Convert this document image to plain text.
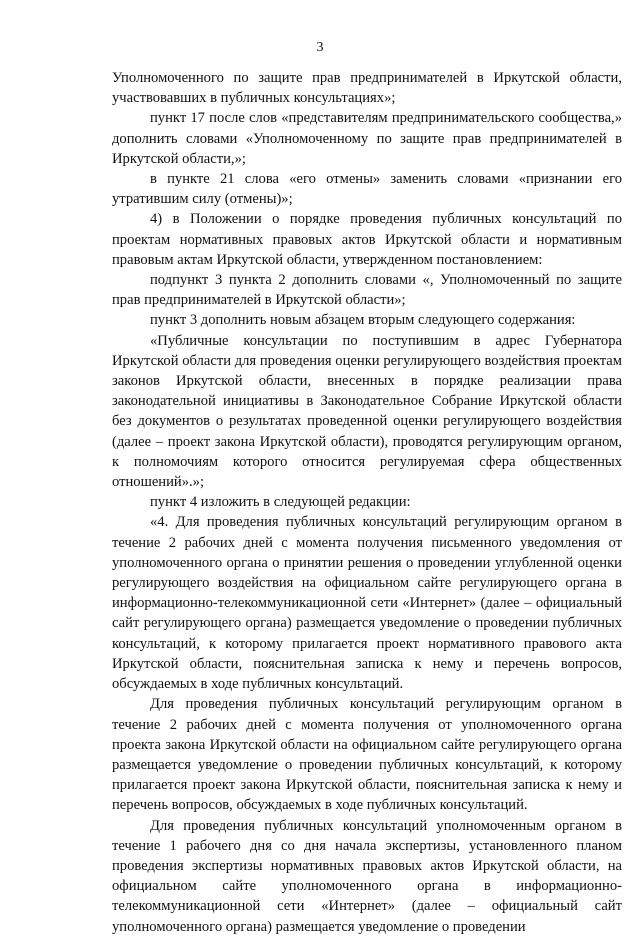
3

Уполномоченного по защите прав предпринимателей в Иркутской области, участвовавших в публичных консультациях»;

пункт 17 после слов «представителям предпринимательского сообщества,» дополнить словами «Уполномоченному по защите прав предпринимателей в Иркутской области,»;

в пункте 21 слова «его отмены» заменить словами «признании его утратившим силу (отмены)»;

4) в Положении о порядке проведения публичных консультаций по проектам нормативных правовых актов Иркутской области и нормативным правовым актам Иркутской области, утвержденном постановлением:

подпункт 3 пункта 2 дополнить словами «, Уполномоченный по защите прав предпринимателей в Иркутской области»;

пункт 3 дополнить новым абзацем вторым следующего содержания:

«Публичные консультации по поступившим в адрес Губернатора Иркутской области для проведения оценки регулирующего воздействия проектам законов Иркутской области, внесенных в порядке реализации права законодательной инициативы в Законодательное Собрание Иркутской области без документов о результатах проведенной оценки регулирующего воздействия (далее – проект закона Иркутской области), проводятся регулирующим органом, к полномочиям которого относится регулируемая сфера общественных отношений».»;

пункт 4 изложить в следующей редакции:

«4. Для проведения публичных консультаций регулирующим органом в течение 2 рабочих дней с момента получения письменного уведомления от уполномоченного органа о принятии решения о проведении углубленной оценки регулирующего воздействия на официальном сайте регулирующего органа в информационно-телекоммуникационной сети «Интернет» (далее – официальный сайт регулирующего органа) размещается уведомление о проведении публичных консультаций, к которому прилагается проект нормативного правового акта Иркутской области, пояснительная записка к нему и перечень вопросов, обсуждаемых в ходе публичных консультаций.

Для проведения публичных консультаций регулирующим органом в течение 2 рабочих дней с момента получения от уполномоченного органа проекта закона Иркутской области на официальном сайте регулирующего органа размещается уведомление о проведении публичных консультаций, к которому прилагается проект закона Иркутской области, пояснительная записка к нему и перечень вопросов, обсуждаемых в ходе публичных консультаций.

Для проведения публичных консультаций уполномоченным органом в течение 1 рабочего дня со дня начала экспертизы, установленного планом проведения экспертизы нормативных правовых актов Иркутской области, на официальном сайте уполномоченного органа в информационно-телекоммуникационной сети «Интернет» (далее – официальный сайт уполномоченного органа) размещается уведомление о проведении
